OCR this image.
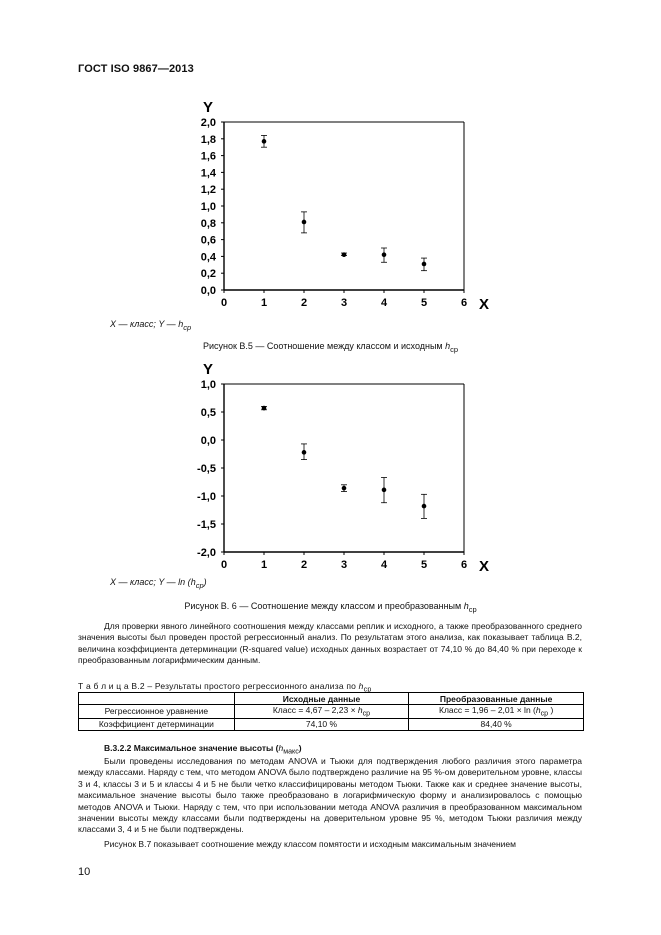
ГОСТ ISO 9867—2013
0,0
0,2
0,4
0,6
0,8
1,0
1,2
1,4
1,6
1,8
2,0
0	1	2	3	4	5	6
Y
X
X — класс; Y — $h_{ср}$
Рисунок В.5 — Соотношение между классом и исходным $h_{ср}$
-2,0
-1,5
-1,0
-0,5
0,0
0,5
1,0
0	1	2	3	4	5	6
Y
X
X — класс; Y — $\ln (h_{ср})$
Рисунок В. 6 — Соотношение между классом и преобразованным $h_{ср}$

Для проверки явного линейного соотношения между классами реплик и исходного, а также преобразованного среднего значения высоты был проведен простой регрессионный анализ. По результатам этого анализа, как показывает таблица В.2, величина коэффициента детерминации (R-squared value) исходных данных возрастает от 74,10 % до 84,40 % при переходе к преобразованным логарифмическим данным.

Т а б л и ц а В.2 – Результаты простого регрессионного анализа по $h_{ср}$
	Исходные данные	Преобразованные данные
Регрессионное уравнение	Класс = $4,67 - 2,23 \times h_{ср}$	Класс = $1,96 - 2,01 \times \ln (h_{ср}$ )
Коэффициент детерминации	74,10 %	84,40 %
В.3.2.2 Максимальное значение высоты $(h_{макс})$

Были проведены исследования по методам ANOVA и Тьюки для подтверждения любого различия этого параметра между классами. Наряду с тем, что методом ANOVA было подтверждено различие на 95 %-ом доверительном уровне, классы 3 и 4, классы 3 и 5 и классы 4 и 5 не были четко классифицированы методом Тьюки. Также как и среднее значение высоты, максимальное значение высоты было также преобразовано в логарифмическую форму и анализировалось с помощью методов ANOVA и Тьюки. Наряду с тем, что при использовании метода ANOVA различия в преобразованном максимальном значении высоты между классами были подтверждены на доверительном уровне 95 %, методом Тьюки различия между классами 3, 4 и 5 не были подтверждены.

Рисунок В.7 показывает соотношение между классом помятости и исходным максимальным значением

10
